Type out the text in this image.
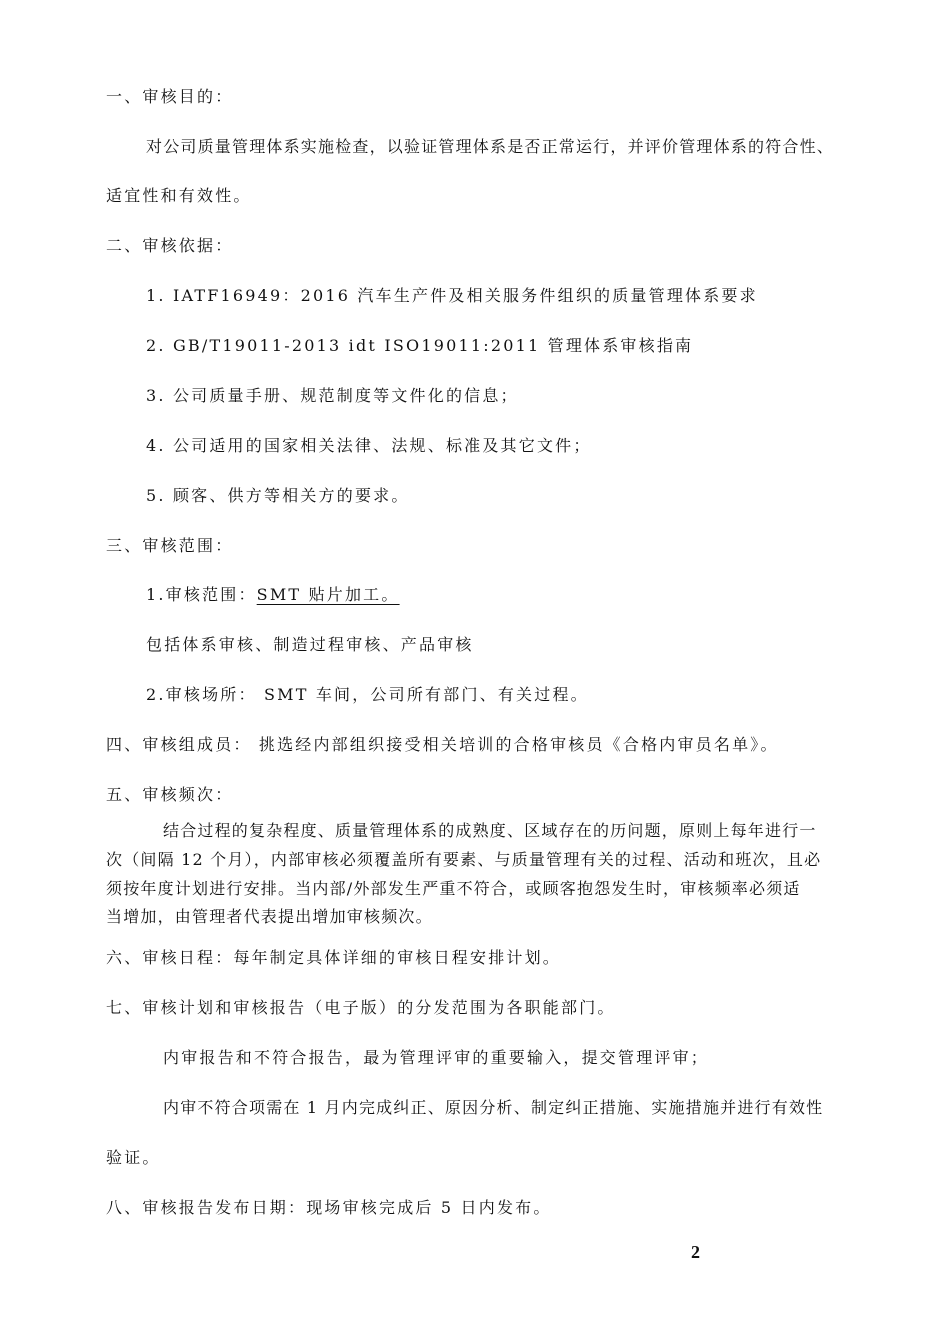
一、审核目的：
对公司质量管理体系实施检查，以验证管理体系是否正常运行，并评价管理体系的符合性、
适宜性和有效性。
二、审核依据：
1. IATF16949：2016 汽车生产件及相关服务件组织的质量管理体系要求
2. GB/T19011-2013 idt ISO19011:2011 管理体系审核指南
3. 公司质量手册、规范制度等文件化的信息；
4. 公司适用的国家相关法律、法规、标准及其它文件；
5. 顾客、供方等相关方的要求。
三、审核范围：
1.审核范围：SMT 贴片加工。
包括体系审核、制造过程审核、产品审核
2.审核场所： SMT 车间，公司所有部门、有关过程。
四、审核组成员： 挑选经内部组织接受相关培训的合格审核员《合格内审员名单》。
五、审核频次：
结合过程的复杂程度、质量管理体系的成熟度、区域存在的历问题，原则上每年进行一
次（间隔 12 个月），内部审核必须覆盖所有要素、与质量管理有关的过程、活动和班次，且必
须按年度计划进行安排。当内部/外部发生严重不符合，或顾客抱怨发生时，审核频率必须适
当增加，由管理者代表提出增加审核频次。
六、审核日程：每年制定具体详细的审核日程安排计划。
七、审核计划和审核报告（电子版）的分发范围为各职能部门。
内审报告和不符合报告，最为管理评审的重要输入，提交管理评审；
内审不符合项需在 1 月内完成纠正、原因分析、制定纠正措施、实施措施并进行有效性
验证。
八、审核报告发布日期：现场审核完成后 5 日内发布。
2
